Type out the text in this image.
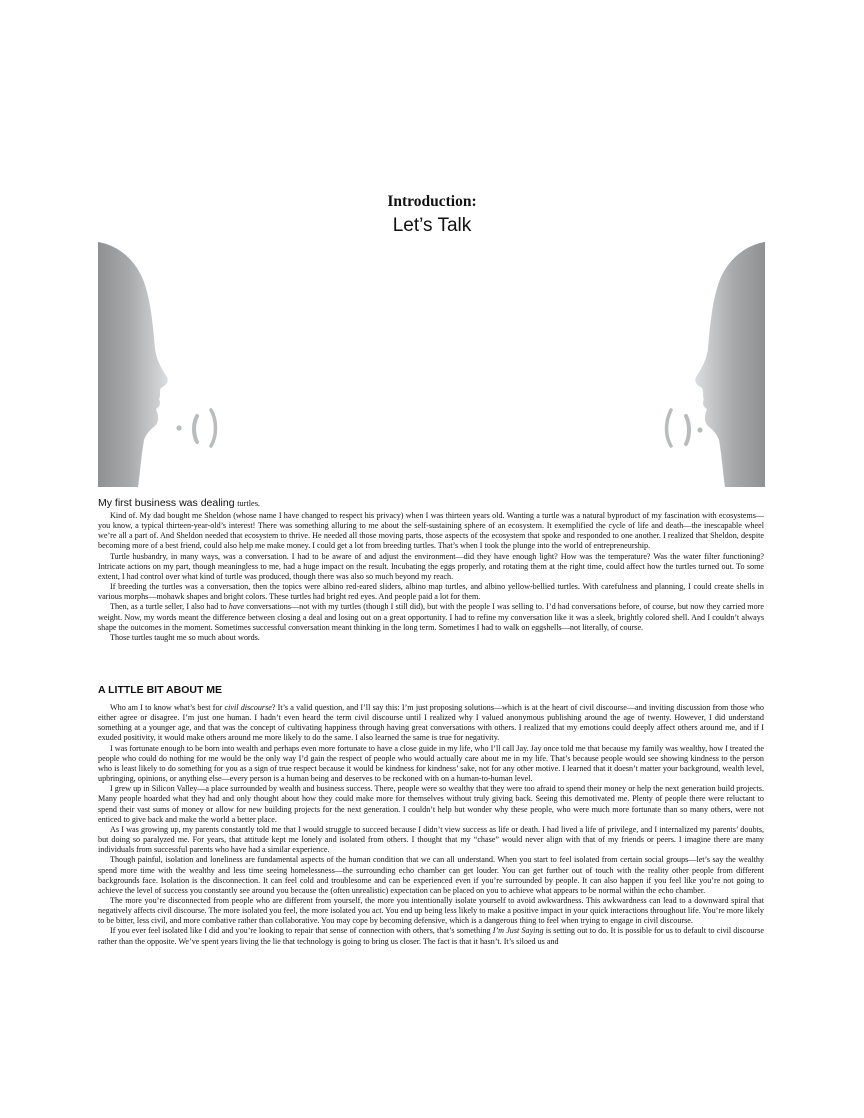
Introduction:
Let’s Talk
My first business was dealing turtles.

Kind of. My dad bought me Sheldon (whose name I have changed to respect his privacy) when I was thirteen years old. Wanting a turtle was a natural byproduct of my fascination with ecosystems—you know, a typical thirteen-year-old’s interest! There was something alluring to me about the self-sustaining sphere of an ecosystem. It exemplified the cycle of life and death—the inescapable wheel we’re all a part of. And Sheldon needed that ecosystem to thrive. He needed all those moving parts, those aspects of the ecosystem that spoke and responded to one another. I realized that Sheldon, despite becoming more of a best friend, could also help me make money. I could get a lot from breeding turtles. That’s when I took the plunge into the world of entrepreneurship.

Turtle husbandry, in many ways, was a conversation. I had to be aware of and adjust the environment—did they have enough light? How was the temperature? Was the water filter functioning? Intricate actions on my part, though meaningless to me, had a huge impact on the result. Incubating the eggs properly, and rotating them at the right time, could affect how the turtles turned out. To some extent, I had control over what kind of turtle was produced, though there was also so much beyond my reach.

If breeding the turtles was a conversation, then the topics were albino red-eared sliders, albino map turtles, and albino yellow-bellied turtles. With carefulness and planning, I could create shells in various morphs—mohawk shapes and bright colors. These turtles had bright red eyes. And people paid a lot for them.

Then, as a turtle seller, I also had to have conversations—not with my turtles (though I still did), but with the people I was selling to. I’d had conversations before, of course, but now they carried more weight. Now, my words meant the difference between closing a deal and losing out on a great opportunity. I had to refine my conversation like it was a sleek, brightly colored shell. And I couldn’t always shape the outcomes in the moment. Sometimes successful conversation meant thinking in the long term. Sometimes I had to walk on eggshells—not literally, of course.

Those turtles taught me so much about words.

A LITTLE BIT ABOUT ME

Who am I to know what’s best for civil discourse? It’s a valid question, and I’ll say this: I’m just proposing solutions—which is at the heart of civil discourse—and inviting discussion from those who either agree or disagree. I’m just one human. I hadn’t even heard the term civil discourse until I realized why I valued anonymous publishing around the age of twenty. However, I did understand something at a younger age, and that was the concept of cultivating happiness through having great conversations with others. I realized that my emotions could deeply affect others around me, and if I exuded positivity, it would make others around me more likely to do the same. I also learned the same is true for negativity.

I was fortunate enough to be born into wealth and perhaps even more fortunate to have a close guide in my life, who I’ll call Jay. Jay once told me that because my family was wealthy, how I treated the people who could do nothing for me would be the only way I’d gain the respect of people who would actually care about me in my life. That’s because people would see showing kindness to the person who is least likely to do something for you as a sign of true respect because it would be kindness for kindness’ sake, not for any other motive. I learned that it doesn’t matter your background, wealth level, upbringing, opinions, or anything else—every person is a human being and deserves to be reckoned with on a human-to-human level.

I grew up in Silicon Valley—a place surrounded by wealth and business success. There, people were so wealthy that they were too afraid to spend their money or help the next generation build projects. Many people hoarded what they had and only thought about how they could make more for themselves without truly giving back. Seeing this demotivated me. Plenty of people there were reluctant to spend their vast sums of money or allow for new building projects for the next generation. I couldn’t help but wonder why these people, who were much more fortunate than so many others, were not enticed to give back and make the world a better place.

As I was growing up, my parents constantly told me that I would struggle to succeed because I didn’t view success as life or death. I had lived a life of privilege, and I internalized my parents’ doubts, but doing so paralyzed me. For years, that attitude kept me lonely and isolated from others. I thought that my “chase” would never align with that of my friends or peers. I imagine there are many individuals from successful parents who have had a similar experience.

Though painful, isolation and loneliness are fundamental aspects of the human condition that we can all understand. When you start to feel isolated from certain social groups—let’s say the wealthy spend more time with the wealthy and less time seeing homelessness—the surrounding echo chamber can get louder. You can get further out of touch with the reality other people from different backgrounds face. Isolation is the disconnection. It can feel cold and troublesome and can be experienced even if you’re surrounded by people. It can also happen if you feel like you’re not going to achieve the level of success you constantly see around you because the (often unrealistic) expectation can be placed on you to achieve what appears to be normal within the echo chamber.

The more you’re disconnected from people who are different from yourself, the more you intentionally isolate yourself to avoid awkwardness. This awkwardness can lead to a downward spiral that negatively affects civil discourse. The more isolated you feel, the more isolated you act. You end up being less likely to make a positive impact in your quick interactions throughout life. You’re more likely to be bitter, less civil, and more combative rather than collaborative. You may cope by becoming defensive, which is a dangerous thing to feel when trying to engage in civil discourse.

If you ever feel isolated like I did and you’re looking to repair that sense of connection with others, that’s something I’m Just Saying is setting out to do. It is possible for us to default to civil discourse rather than the opposite. We’ve spent years living the lie that technology is going to bring us closer. The fact is that it hasn’t. It’s siloed us and
